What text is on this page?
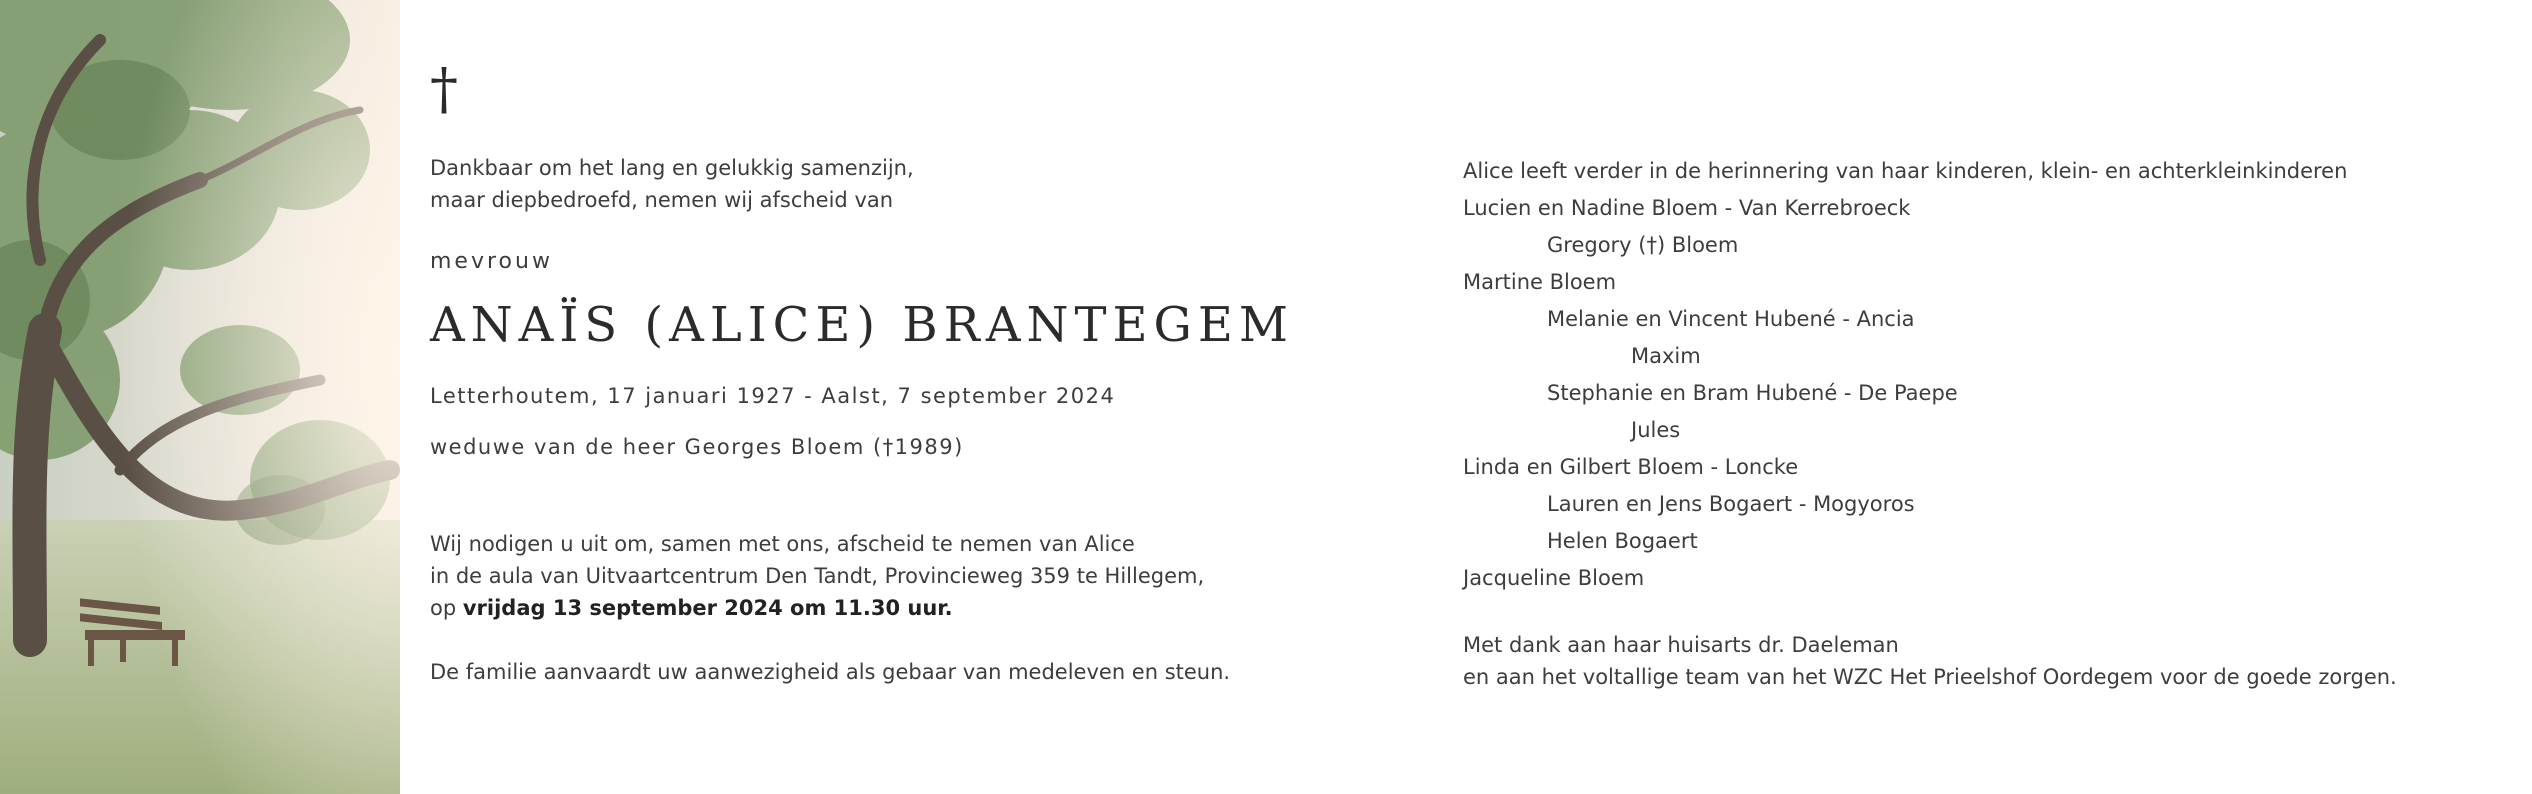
†
Dankbaar om het lang en gelukkig samenzijn,
maar diepbedroefd, nemen wij afscheid van
mevrouw
ANAÏS (ALICE) BRANTEGEM
Letterhoutem, 17 januari 1927 - Aalst, 7 september 2024
weduwe van de heer Georges Bloem (†1989)
Wij nodigen u uit om, samen met ons, afscheid te nemen van Alice
in de aula van Uitvaartcentrum Den Tandt, Provincieweg 359 te Hillegem,
op vrijdag 13 september 2024 om 11.30 uur.
De familie aanvaardt uw aanwezigheid als gebaar van medeleven en steun.
Alice leeft verder in de herinnering van haar kinderen, klein- en achterkleinkinderen
Lucien en Nadine Bloem - Van Kerrebroeck
Gregory (†) Bloem
Martine Bloem
Melanie en Vincent Hubené - Ancia
Maxim
Stephanie en Bram Hubené - De Paepe
Jules
Linda en Gilbert Bloem - Loncke
Lauren en Jens Bogaert - Mogyoros
Helen Bogaert
Jacqueline Bloem
Met dank aan haar huisarts dr. Daeleman
en aan het voltallige team van het WZC Het Prieelshof Oordegem voor de goede zorgen.
